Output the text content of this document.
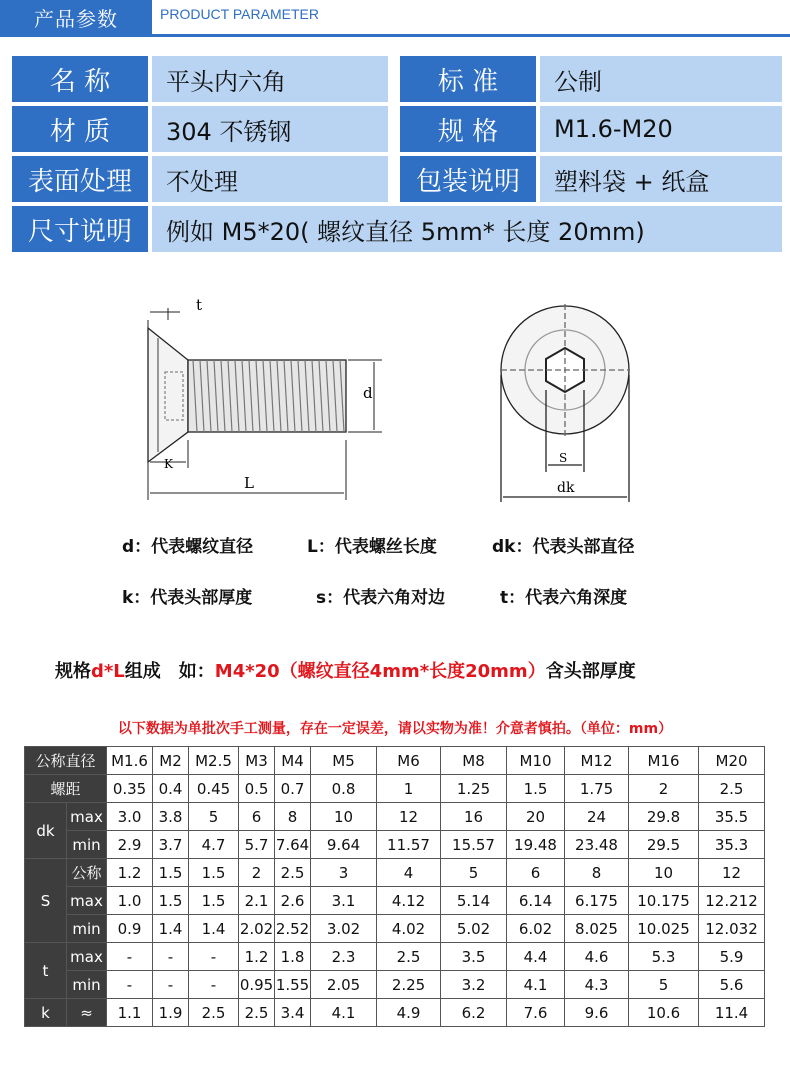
产品参数	PRODUCT PARAMETER
名 称	平头内六角	标 准	公制
材 质	304 不锈钢	规 格	M1.6-M20
表面处理	不处理	包装说明	塑料袋 + 纸盒
尺寸说明	例如 M5*20( 螺纹直径 5mm* 长度 20mm)
t
d
K
L
S
dk
d：代表螺纹直径	L：代表螺丝长度	dk：代表头部直径
k：代表头部厚度	s：代表六角对边	t：代表六角深度
规格d*L组成　如：M4*20（螺纹直径4mm*长度20mm）含头部厚度
以下数据为单批次手工测量，存在一定误差，请以实物为准！介意者慎拍。（单位：mm）
公称直径		M1.6	M2	M2.5	M3	M4	M5	M6	M8	M10	M12	M16	M20
螺距		0.35	0.4	0.45	0.5	0.7	0.8	1	1.25	1.5	1.75	2	2.5
dk	max	3.0	3.8	5	6	8	10	12	16	20	24	29.8	35.5
	min	2.9	3.7	4.7	5.7	7.64	9.64	11.57	15.57	19.48	23.48	29.5	35.3
S	公称	1.2	1.5	1.5	2	2.5	3	4	5	6	8	10	12
	max	1.0	1.5	1.5	2.1	2.6	3.1	4.12	5.14	6.14	6.175	10.175	12.212
	min	0.9	1.4	1.4	2.02	2.52	3.02	4.02	5.02	6.02	8.025	10.025	12.032
t	max	-	-	-	1.2	1.8	2.3	2.5	3.5	4.4	4.6	5.3	5.9
	min	-	-	-	0.95	1.55	2.05	2.25	3.2	4.1	4.3	5	5.6
k	≈	1.1	1.9	2.5	2.5	3.4	4.1	4.9	6.2	7.6	9.6	10.6	11.4
